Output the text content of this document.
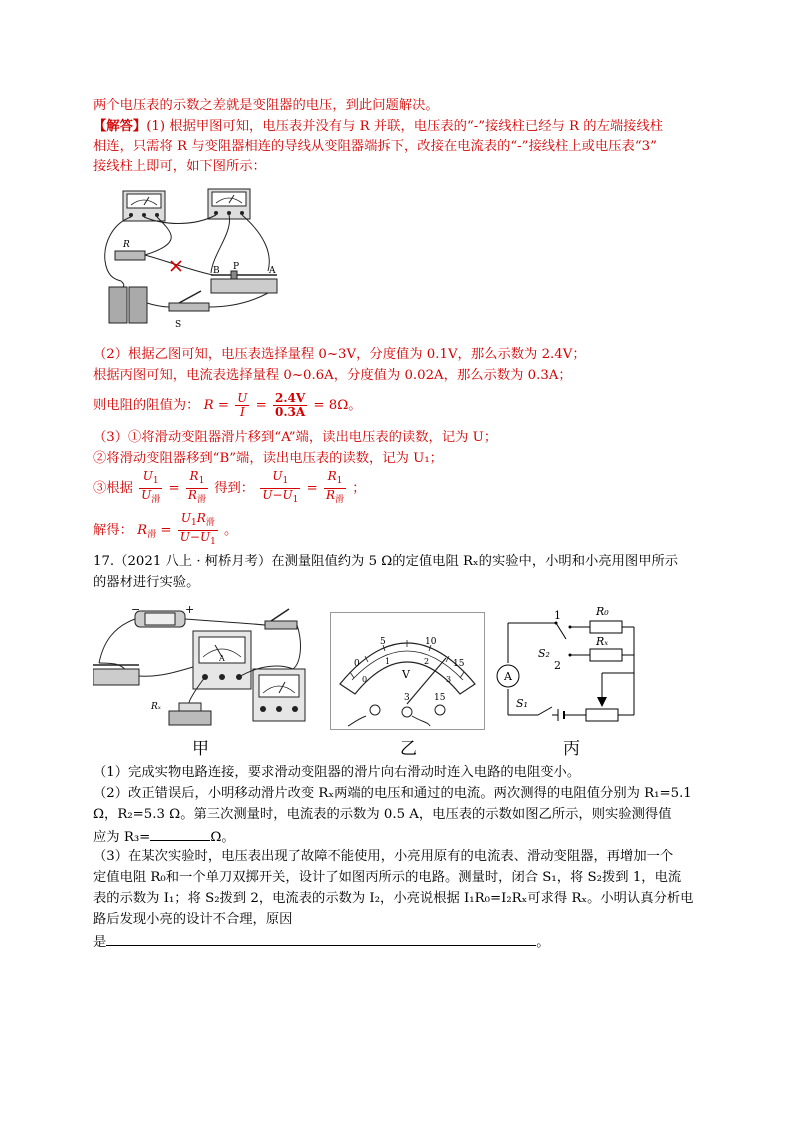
两个电压表的示数之差就是变阻器的电压，到此问题解决。
【解答】(1) 根据甲图可知，电压表并没有与 R 并联，电压表的“-”接线柱已经与 R 的左端接线柱
相连，只需将 R 与变阻器相连的导线从变阻器端拆下，改接在电流表的“-”接线柱上或电压表“3”
接线柱上即可，如下图所示：
R
B P	A
S
（2）根据乙图可知，电压表选择量程 0~3V，分度值为 0.1V，那么示数为 2.4V；
根据丙图可知，电流表选择量程 0~0.6A，分度值为 0.02A，那么示数为 0.3A；
则电阻的阻值为： $R = \frac{U}{I} = \frac{2.4V}{0.3A} = 8\Omega$。
（3）①将滑动变阻器滑片移到“A”端，读出电压表的读数，记为 U；
②将滑动变阻器移到“B”端，读出电压表的读数，记为 U₁；
③根据 $\frac{U_1}{U_滑} = \frac{R_1}{R_滑}$ 得到： $\frac{U_1}{U-U_1} = \frac{R_1}{R_滑}$ ；
解得： $R_滑 = \frac{U_1R_滑}{U-U_1}$ 。
17.（2021 八上 · 柯桥月考）在测量阻值约为 5 Ω的定值电阻 Rₓ的实验中，小明和小亮用图甲所示
的器材进行实验。
−	+
A
Rₓ
甲
0
5	10
15
0
1	2
3
V
3	15
乙
A
R₀
Rₓ
1
2
S₂
S₁
丙
（1）完成实物电路连接，要求滑动变阻器的滑片向右滑动时连入电路的电阻变小。
（2）改正错误后，小明移动滑片改变 Rₓ两端的电压和通过的电流。两次测得的电阻值分别为 R₁=5.1
Ω，R₂=5.3 Ω。第三次测量时，电流表的示数为 0.5 A，电压表的示数如图乙所示，则实验测得值
应为 R₃=	Ω。
（3）在某次实验时，电压表出现了故障不能使用，小亮用原有的电流表、滑动变阻器，再增加一个
定值电阻 R₀和一个单刀双掷开关，设计了如图丙所示的电路。测量时，闭合 S₁，将 S₂拨到 1，电流
表的示数为 I₁；将 S₂拨到 2，电流表的示数为 I₂，小亮说根据 I₁R₀=I₂Rₓ可求得 Rₓ。小明认真分析电
路后发现小亮的设计不合理，原因
是	。
